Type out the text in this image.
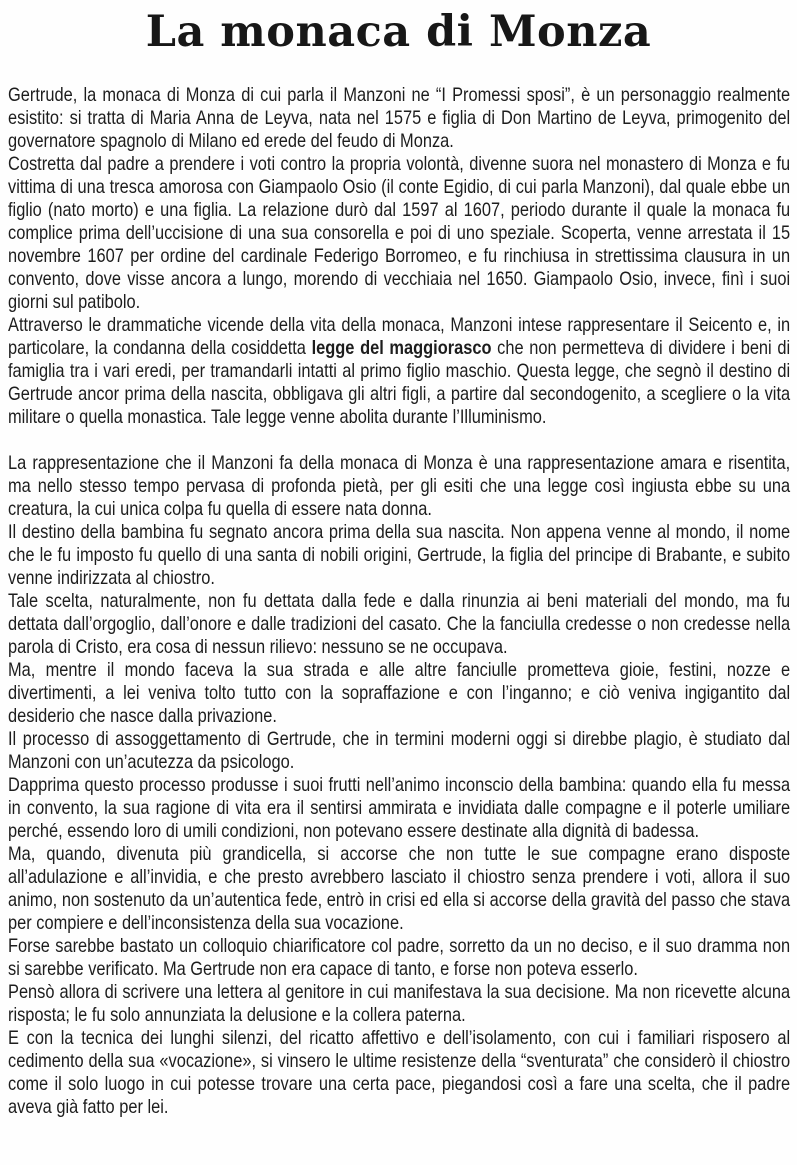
La monaca di Monza

Gertrude, la monaca di Monza di cui parla il Manzoni ne “I Promessi sposi”, è un personaggio realmente esistito: si tratta di Maria Anna de Leyva, nata nel 1575 e figlia di Don Martino de Leyva, primogenito del governatore spagnolo di Milano ed erede del feudo di Monza.

Costretta dal padre a prendere i voti contro la propria volontà, divenne suora nel monastero di Monza e fu vittima di una tresca amorosa con Giampaolo Osio (il conte Egidio, di cui parla Manzoni), dal quale ebbe un figlio (nato morto) e una figlia. La relazione durò dal 1597 al 1607, periodo durante il quale la monaca fu complice prima dell’uccisione di una sua consorella e poi di uno speziale. Scoperta, venne arrestata il 15 novembre 1607 per ordine del cardinale Federigo Borromeo, e fu rinchiusa in strettissima clausura in un convento, dove visse ancora a lungo, morendo di vecchiaia nel 1650. Giampaolo Osio, invece, finì i suoi giorni sul patibolo.

Attraverso le drammatiche vicende della vita della monaca, Manzoni intese rappresentare il Seicento e, in particolare, la condanna della cosiddetta legge del maggiorasco che non permetteva di dividere i beni di famiglia tra i vari eredi, per tramandarli intatti al primo figlio maschio. Questa legge, che segnò il destino di Gertrude ancor prima della nascita, obbligava gli altri figli, a partire dal secondogenito, a scegliere o la vita militare o quella monastica. Tale legge venne abolita durante l’Illuminismo.

La rappresentazione che il Manzoni fa della monaca di Monza è una rappresentazione amara e risentita, ma nello stesso tempo pervasa di profonda pietà, per gli esiti che una legge così ingiusta ebbe su una creatura, la cui unica colpa fu quella di essere nata donna.

Il destino della bambina fu segnato ancora prima della sua nascita. Non appena venne al mondo, il nome che le fu imposto fu quello di una santa di nobili origini, Gertrude, la figlia del principe di Brabante, e subito venne indirizzata al chiostro.

Tale scelta, naturalmente, non fu dettata dalla fede e dalla rinunzia ai beni materiali del mondo, ma fu dettata dall’orgoglio, dall’onore e dalle tradizioni del casato. Che la fanciulla credesse o non credesse nella parola di Cristo, era cosa di nessun rilievo: nessuno se ne occupava.

Ma, mentre il mondo faceva la sua strada e alle altre fanciulle prometteva gioie, festini, nozze e divertimenti, a lei veniva tolto tutto con la sopraffazione e con l’inganno; e ciò veniva ingigantito dal desiderio che nasce dalla privazione.

Il processo di assoggettamento di Gertrude, che in termini moderni oggi si direbbe plagio, è studiato dal Manzoni con un’acutezza da psicologo.

Dapprima questo processo produsse i suoi frutti nell’animo inconscio della bambina: quando ella fu messa in convento, la sua ragione di vita era il sentirsi ammirata e invidiata dalle compagne e il poterle umiliare perché, essendo loro di umili condizioni, non potevano essere destinate alla dignità di badessa.

Ma, quando, divenuta più grandicella, si accorse che non tutte le sue compagne erano disposte all’adulazione e all’invidia, e che presto avrebbero lasciato il chiostro senza prendere i voti, allora il suo animo, non sostenuto da un’autentica fede, entrò in crisi ed ella si accorse della gravità del passo che stava per compiere e dell’inconsistenza della sua vocazione.

Forse sarebbe bastato un colloquio chiarificatore col padre, sorretto da un no deciso, e il suo dramma non si sarebbe verificato. Ma Gertrude non era capace di tanto, e forse non poteva esserlo.

Pensò allora di scrivere una lettera al genitore in cui manifestava la sua decisione. Ma non ricevette alcuna risposta; le fu solo annunziata la delusione e la collera paterna.

E con la tecnica dei lunghi silenzi, del ricatto affettivo e dell’isolamento, con cui i familiari risposero al cedimento della sua «vocazione», si vinsero le ultime resistenze della “sventurata” che considerò il chiostro come il solo luogo in cui potesse trovare una certa pace, piegandosi così a fare una scelta, che il padre aveva già fatto per lei.
